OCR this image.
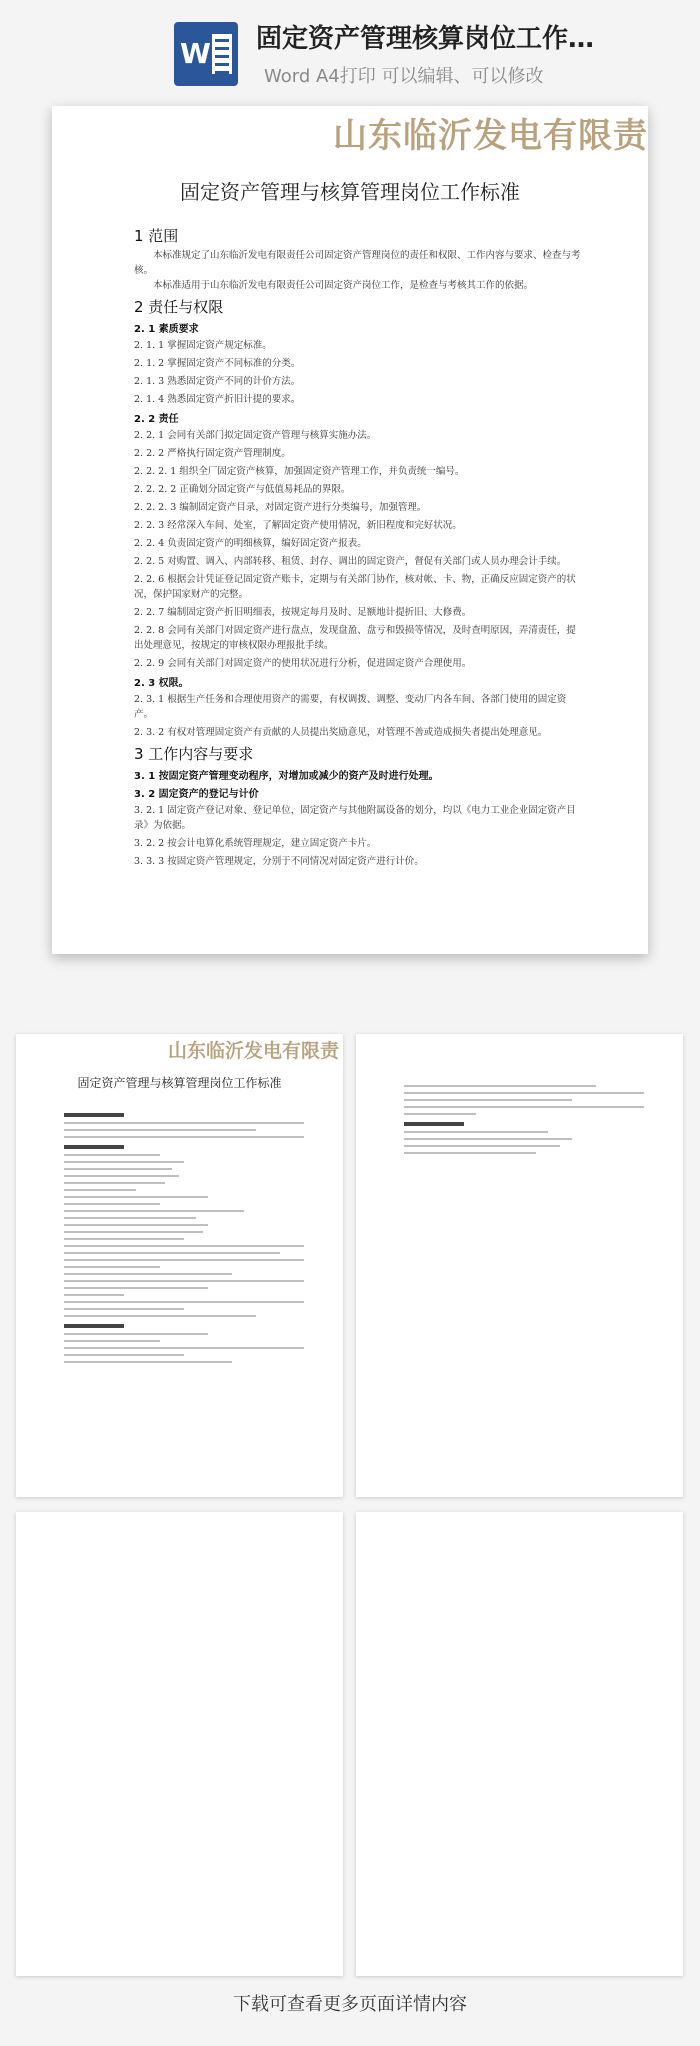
W 固定资产管理核算岗位工作…
Word A4打印 可以编辑、可以修改
山东临沂发电有限责
固定资产管理与核算管理岗位工作标准

1 范围

本标准规定了山东临沂发电有限责任公司固定资产管理岗位的责任和权限、工作内容与要求、检查与考核。

本标准适用于山东临沂发电有限责任公司固定资产岗位工作，是检查与考核其工作的依据。

2 责任与权限

2. 1 素质要求

2. 1. 1 掌握固定资产规定标准。

2. 1. 2 掌握固定资产不同标准的分类。

2. 1. 3 熟悉固定资产不同的计价方法。

2. 1. 4 熟悉固定资产折旧计提的要求。

2. 2 责任

2. 2. 1 会同有关部门拟定固定资产管理与核算实施办法。

2. 2. 2 严格执行固定资产管理制度。

2. 2. 2. 1 组织全厂固定资产核算，加强固定资产管理工作，并负责统一编号。

2. 2. 2. 2 正确划分固定资产与低值易耗品的界限。

2. 2. 2. 3 编制固定资产目录，对固定资产进行分类编号，加强管理。

2. 2. 3 经常深入车间、处室，了解固定资产使用情况，新旧程度和完好状况。

2. 2. 4 负责固定资产的明细核算，编好固定资产报表。

2. 2. 5 对购置、调入、内部转移、租赁、封存、调出的固定资产，督促有关部门或人员办理会计手续。

2. 2. 6 根据会计凭证登记固定资产账卡，定期与有关部门协作，核对帐、卡、物，正确反应固定资产的状况，保护国家财产的完整。

2. 2. 7 编制固定资产折旧明细表，按规定每月及时、足额地计提折旧、大修费。

2. 2. 8 会同有关部门对固定资产进行盘点，发现盘盈、盘亏和毁损等情况，及时查明原因，弄清责任，提出处理意见，按规定的审核权限办理报批手续。

2. 2. 9 会同有关部门对固定资产的使用状况进行分析，促进固定资产合理使用。

2. 3 权限。

2. 3. 1 根据生产任务和合理使用资产的需要，有权调拨、调整、变动厂内各车间、各部门使用的固定资产。

2. 3. 2 有权对管理固定资产有贡献的人员提出奖励意见，对管理不善或造成损失者提出处理意见。

3 工作内容与要求

3. 1 按固定资产管理变动程序，对增加或减少的资产及时进行处理。

3. 2 固定资产的登记与计价

3. 2. 1 固定资产登记对象、登记单位，固定资产与其他附属设备的划分，均以《电力工业企业固定资产目录》为依据。

3. 2. 2 按会计电算化系统管理规定，建立固定资产卡片。

3. 3. 3 按固定资产管理规定，分别于不同情况对固定资产进行计价。

山东临沂发电有限责
固定资产管理与核算管理岗位工作标准
下载可查看更多页面详情内容
